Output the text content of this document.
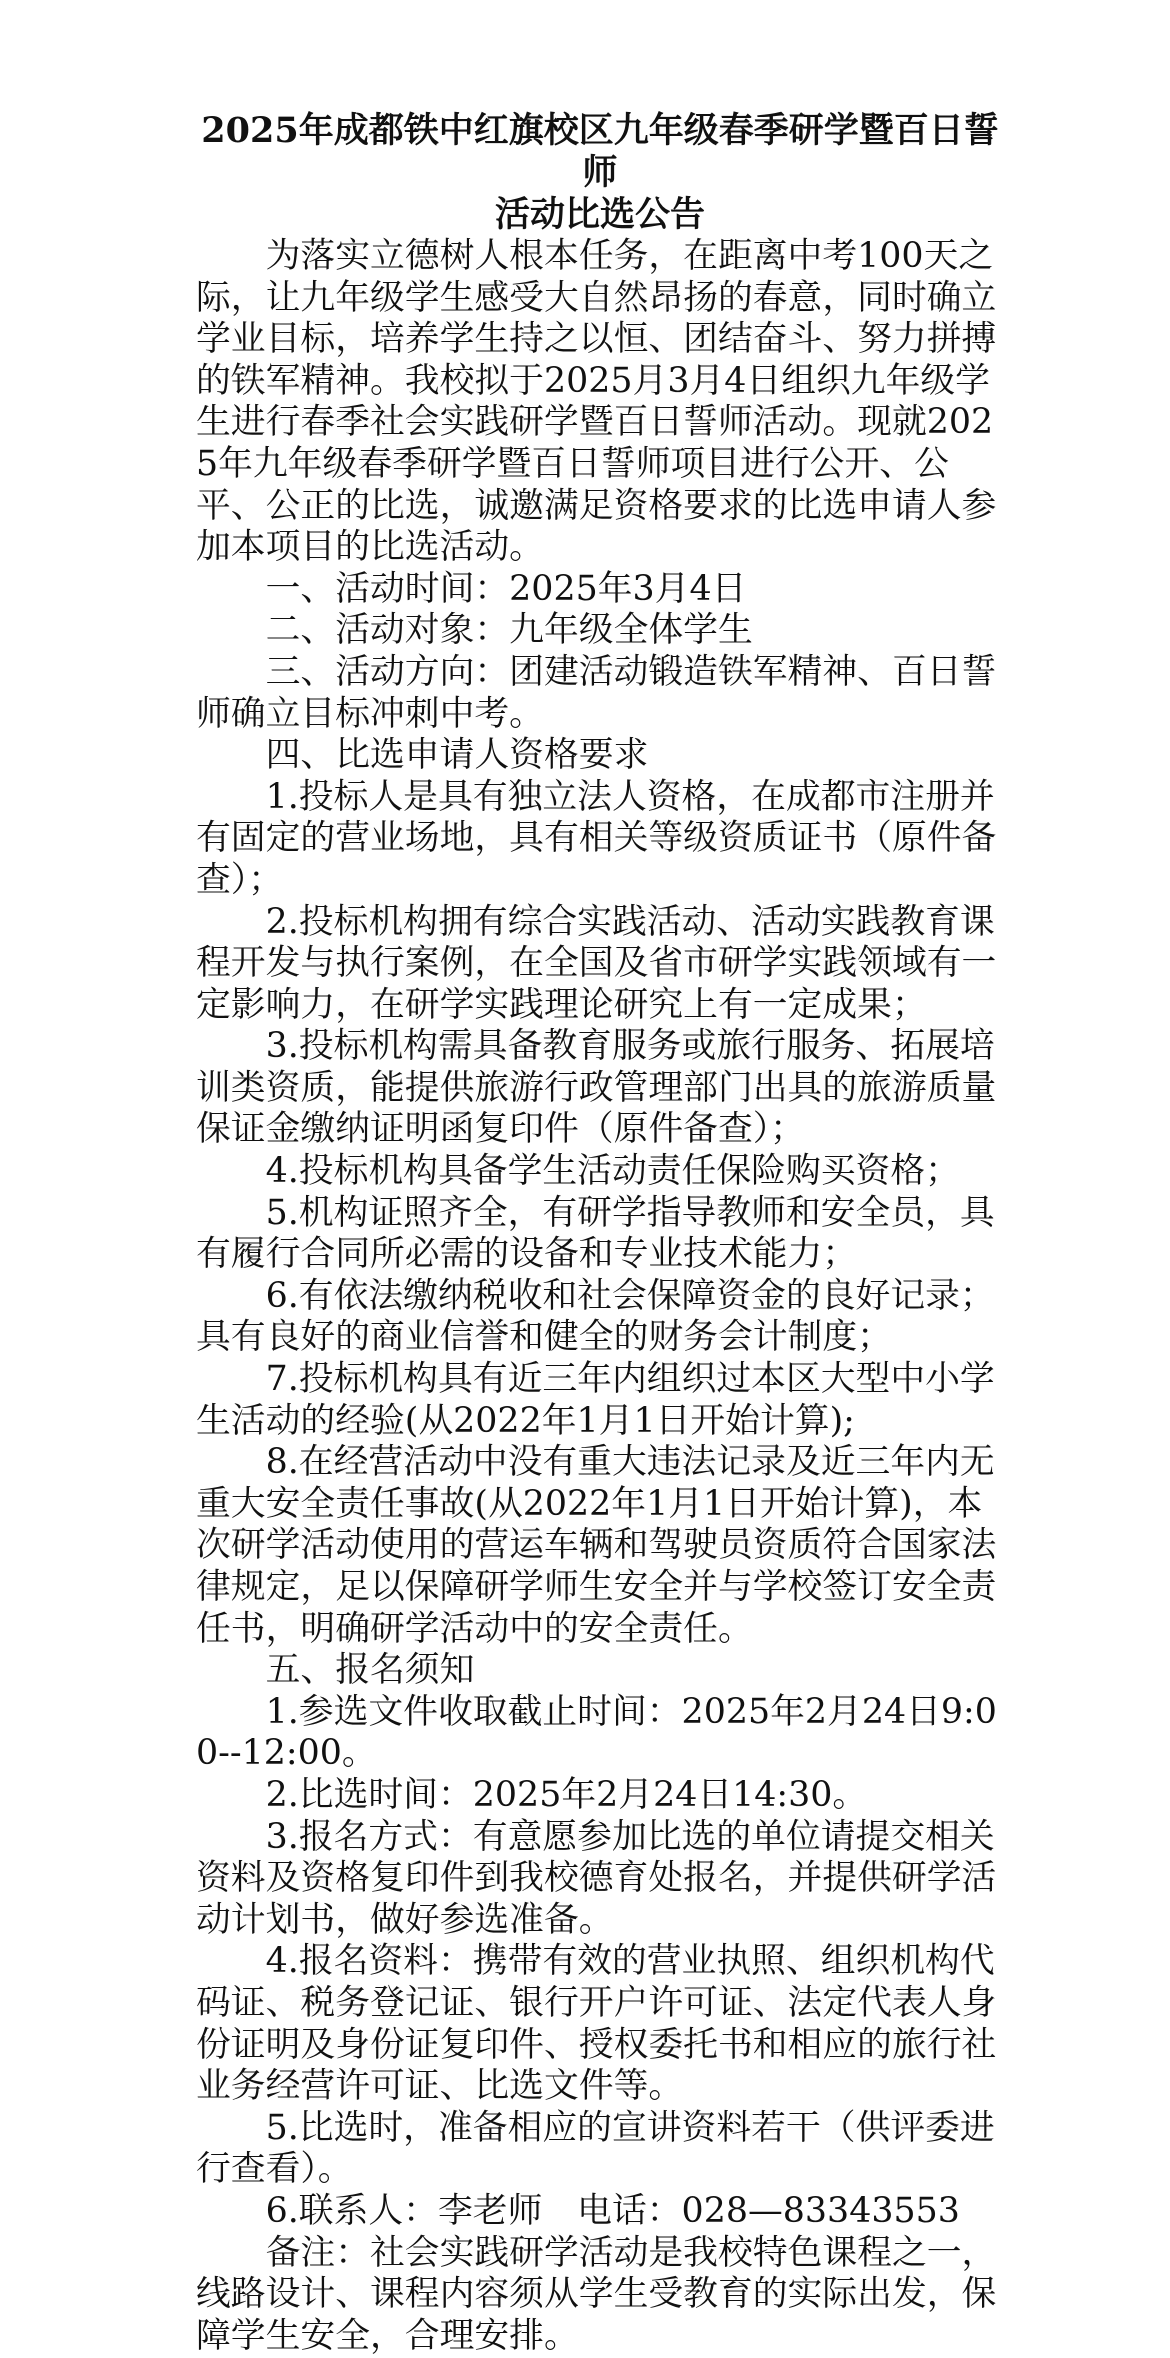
2025年成都铁中红旗校区九年级春季研学暨百日誓师
活动比选公告

为落实立德树人根本任务，在距离中考100天之际，让九年级学生感受大自然昂扬的春意，同时确立学业目标，培养学生持之以恒、团结奋斗、努力拼搏的铁军精神。我校拟于2025月3月4日组织九年级学生进行春季社会实践研学暨百日誓师活动。现就2025年九年级春季研学暨百日誓师项目进行公开、公平、公正的比选，诚邀满足资格要求的比选申请人参加本项目的比选活动。

一、活动时间：2025年3月4日

二、活动对象：九年级全体学生

三、活动方向：团建活动锻造铁军精神、百日誓师确立目标冲刺中考。

四、比选申请人资格要求

1.投标人是具有独立法人资格，在成都市注册并有固定的营业场地，具有相关等级资质证书（原件备查）；

2.投标机构拥有综合实践活动、活动实践教育课程开发与执行案例，在全国及省市研学实践领域有一定影响力，在研学实践理论研究上有一定成果；

3.投标机构需具备教育服务或旅行服务、拓展培训类资质，能提供旅游行政管理部门出具的旅游质量保证金缴纳证明函复印件（原件备查）；

4.投标机构具备学生活动责任保险购买资格；

5.机构证照齐全，有研学指导教师和安全员，具有履行合同所必需的设备和专业技术能力；

6.有依法缴纳税收和社会保障资金的良好记录；具有良好的商业信誉和健全的财务会计制度；

7.投标机构具有近三年内组织过本区大型中小学生活动的经验(从2022年1月1日开始计算);

8.在经营活动中没有重大违法记录及近三年内无重大安全责任事故(从2022年1月1日开始计算)，本次研学活动使用的营运车辆和驾驶员资质符合国家法律规定，足以保障研学师生安全并与学校签订安全责任书，明确研学活动中的安全责任。

五、报名须知

1.参选文件收取截止时间：2025年2月24日9:00--12:00。

2.比选时间：2025年2月24日14:30。

3.报名方式：有意愿参加比选的单位请提交相关资料及资格复印件到我校德育处报名，并提供研学活动计划书，做好参选准备。

4.报名资料：携带有效的营业执照、组织机构代码证、税务登记证、银行开户许可证、法定代表人身份证明及身份证复印件、授权委托书和相应的旅行社业务经营许可证、比选文件等。

5.比选时，准备相应的宣讲资料若干（供评委进行查看）。

6.联系人：李老师　电话：028—83343553

备注：社会实践研学活动是我校特色课程之一，线路设计、课程内容须从学生受教育的实际出发，保障学生安全，合理安排。
